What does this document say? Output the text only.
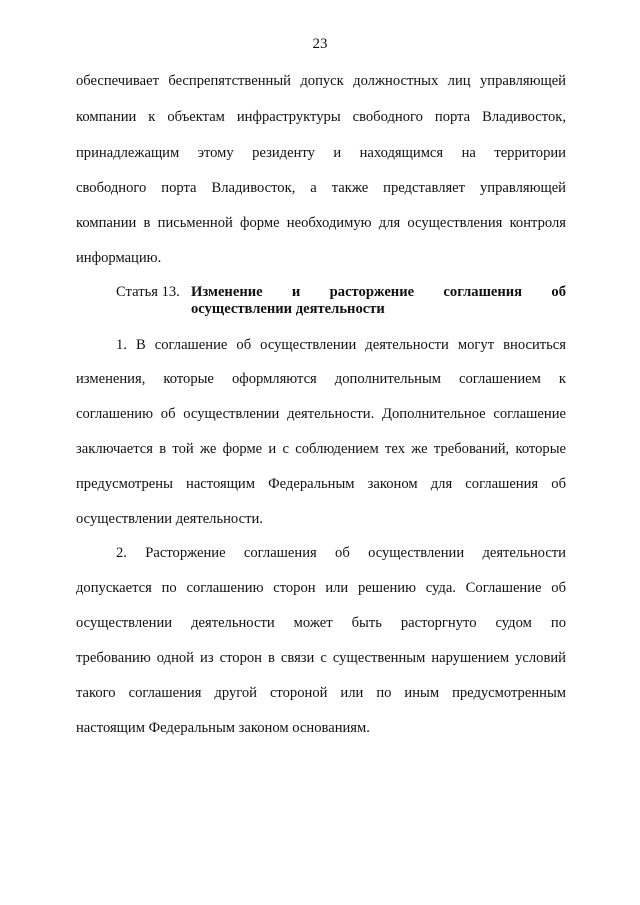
23
обеспечивает беспрепятственный допуск должностных лиц управляющей
компании к объектам инфраструктуры свободного порта Владивосток,
принадлежащим этому резиденту и находящимся на территории
свободного порта Владивосток, а также представляет управляющей
компании в письменной форме необходимую для осуществления контроля
информацию.
Статья 13. Изменение и расторжение соглашения об
осуществлении деятельности
1. В соглашение об осуществлении деятельности могут вноситься
изменения, которые оформляются дополнительным соглашением к
соглашению об осуществлении деятельности. Дополнительное соглашение
заключается в той же форме и с соблюдением тех же требований, которые
предусмотрены настоящим Федеральным законом для соглашения об
осуществлении деятельности.
2. Расторжение соглашения об осуществлении деятельности
допускается по соглашению сторон или решению суда. Соглашение об
осуществлении деятельности может быть расторгнуто судом по
требованию одной из сторон в связи с существенным нарушением условий
такого соглашения другой стороной или по иным предусмотренным
настоящим Федеральным законом основаниям.
